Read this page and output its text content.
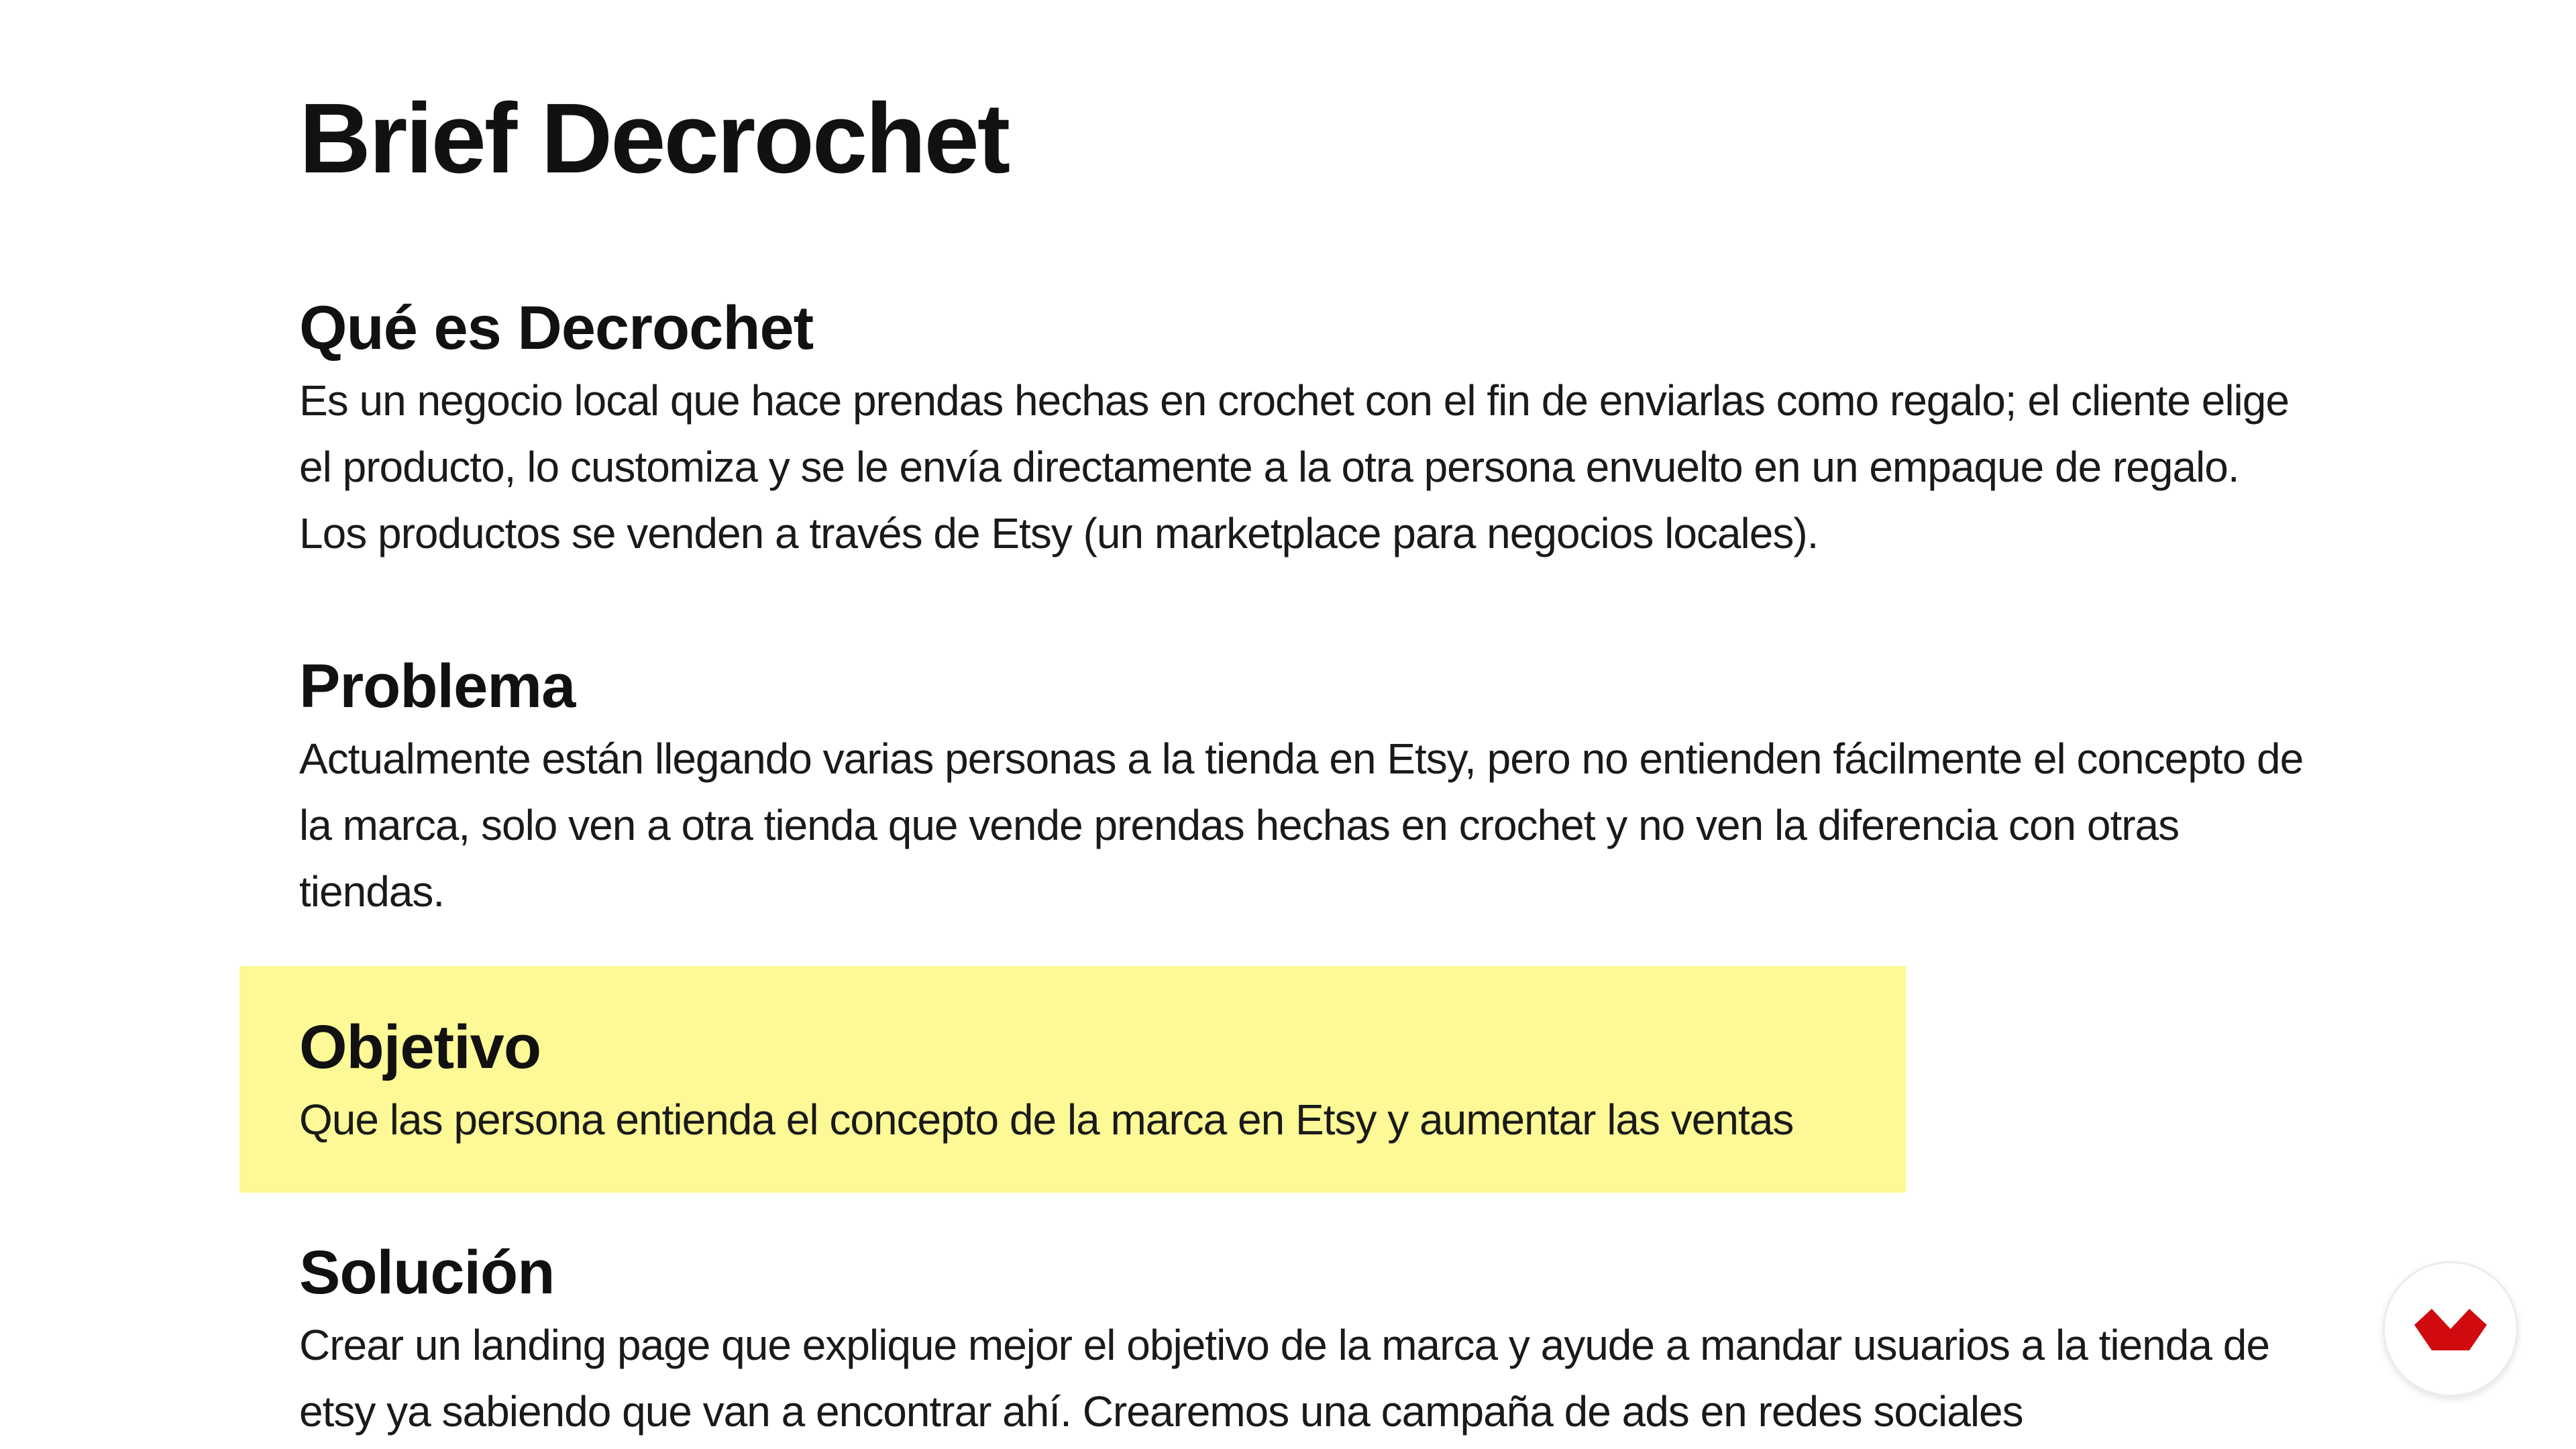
Brief Decrochet
Qué es Decrochet

Es un negocio local que hace prendas hechas en crochet con el fin de enviarlas como regalo; el cliente elige el producto, lo customiza y se le envía directamente a la otra persona envuelto en un empaque de regalo. Los productos se venden a través de Etsy (un marketplace para negocios locales).

Problema

Actualmente están llegando varias personas a la tienda en Etsy, pero no entienden fácilmente el concepto de la marca, solo ven a otra tienda que vende prendas hechas en crochet y no ven la diferencia con otras tiendas.

Objetivo

Que las persona entienda el concepto de la marca en Etsy y aumentar las ventas

Solución

Crear un landing page que explique mejor el objetivo de la marca y ayude a mandar usuarios a la tienda de etsy ya sabiendo que van a encontrar ahí. Crearemos una campaña de ads en redes sociales
